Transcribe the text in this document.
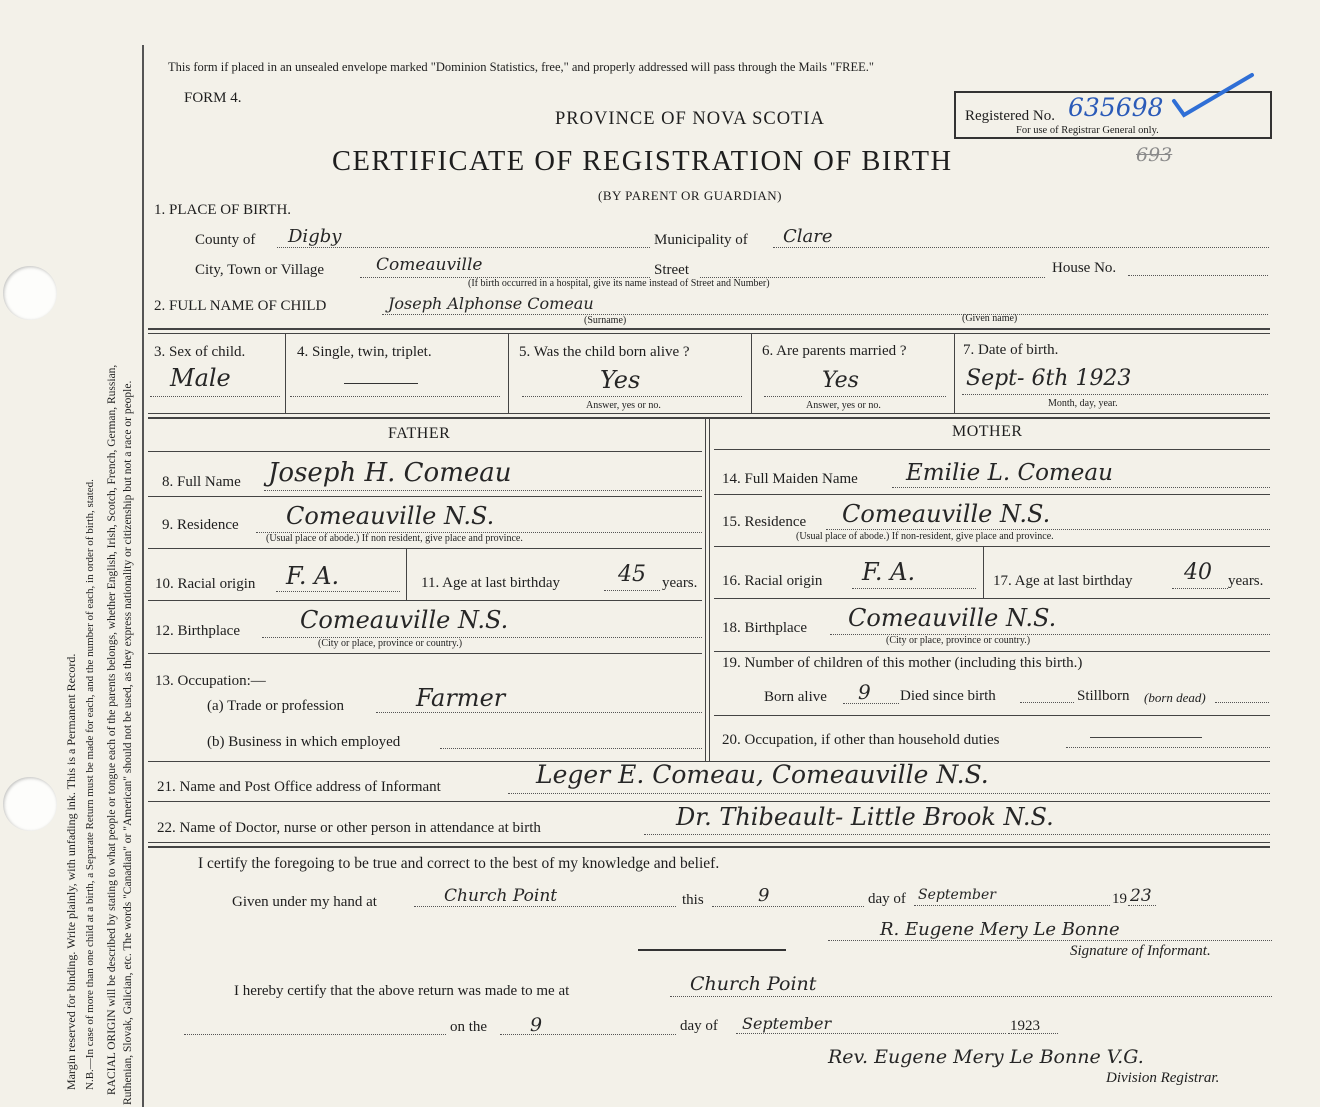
Margin reserved for binding. Write plainly, with unfading ink. This is a Permanent Record. N.B.—In case of more than one child at a birth, a Separate Return must be made for each, and the number of each, in order of birth, stated. RACIAL ORIGIN will be described by stating to what people or tongue each of the parents belongs, whether English, Irish, Scotch, French, German, Russian, Ruthenian, Slovak, Galician, etc. The words "Canadian" or "American" should not be used, as they express nationality or citizenship but not a race or people.
This form if placed in an unsealed envelope marked "Dominion Statistics, free," and properly addressed will pass through the Mails "FREE."
FORM 4.
PROVINCE OF NOVA SCOTIA
CERTIFICATE OF REGISTRATION OF BIRTH
(BY PARENT OR GUARDIAN)
Registered No. 635698
For use of Registrar General only.
693
1. PLACE OF BIRTH.
County of Digby	Municipality of Clare
City, Town or Village	Comeauville	Street	House No.
(If birth occurred in a hospital, give its name instead of Street and Number)
2. FULL NAME OF CHILD	Joseph Alphonse Comeau
(Surname)	(Given name)
3. Sex of child.
Male
4. Single, twin, triplet.	5. Was the child born alive ?
Yes
Answer, yes or no.
6. Are parents married ?
Yes
Answer, yes or no.
7. Date of birth.
Sept- 6th 1923
Month, day, year.
FATHER	MOTHER
8. Full Name Joseph H. Comeau	14. Full Maiden Name Emilie L. Comeau
9. Residence Comeauville N.S.
(Usual place of abode.) If non resident, give place and province.
15. Residence Comeauville N.S.
(Usual place of abode.) If non-resident, give place and province.
10. Racial origin F. A.	11. Age at last birthday	45 years. 16. Racial origin F. A.	17. Age at last birthday 40 years.
12. Birthplace	Comeauville N.S.
(City or place, province or country.)
18. Birthplace Comeauville N.S.
(City or place, province or country.)
13. Occupation:—
(a) Trade or profession	Farmer
(b) Business in which employed
19. Number of children of this mother (including this birth.)
Born alive 9 Died since birth	Stillborn (born dead)
20. Occupation, if other than household duties
21. Name and Post Office address of Informant	Leger E. Comeau, Comeauville N.S.
22. Name of Doctor, nurse or other person in attendance at birth	Dr. Thibeault- Little Brook N.S.
I certify the foregoing to be true and correct to the best of my knowledge and belief.
Given under my hand at	Church Point	this	9	day of September	19 23
R. Eugene Mery Le Bonne
Signature of Informant.
I hereby certify that the above return was made to me at	Church Point
on the 9	day of September	1923
Rev. Eugene Mery Le Bonne V.G.
Division Registrar.
